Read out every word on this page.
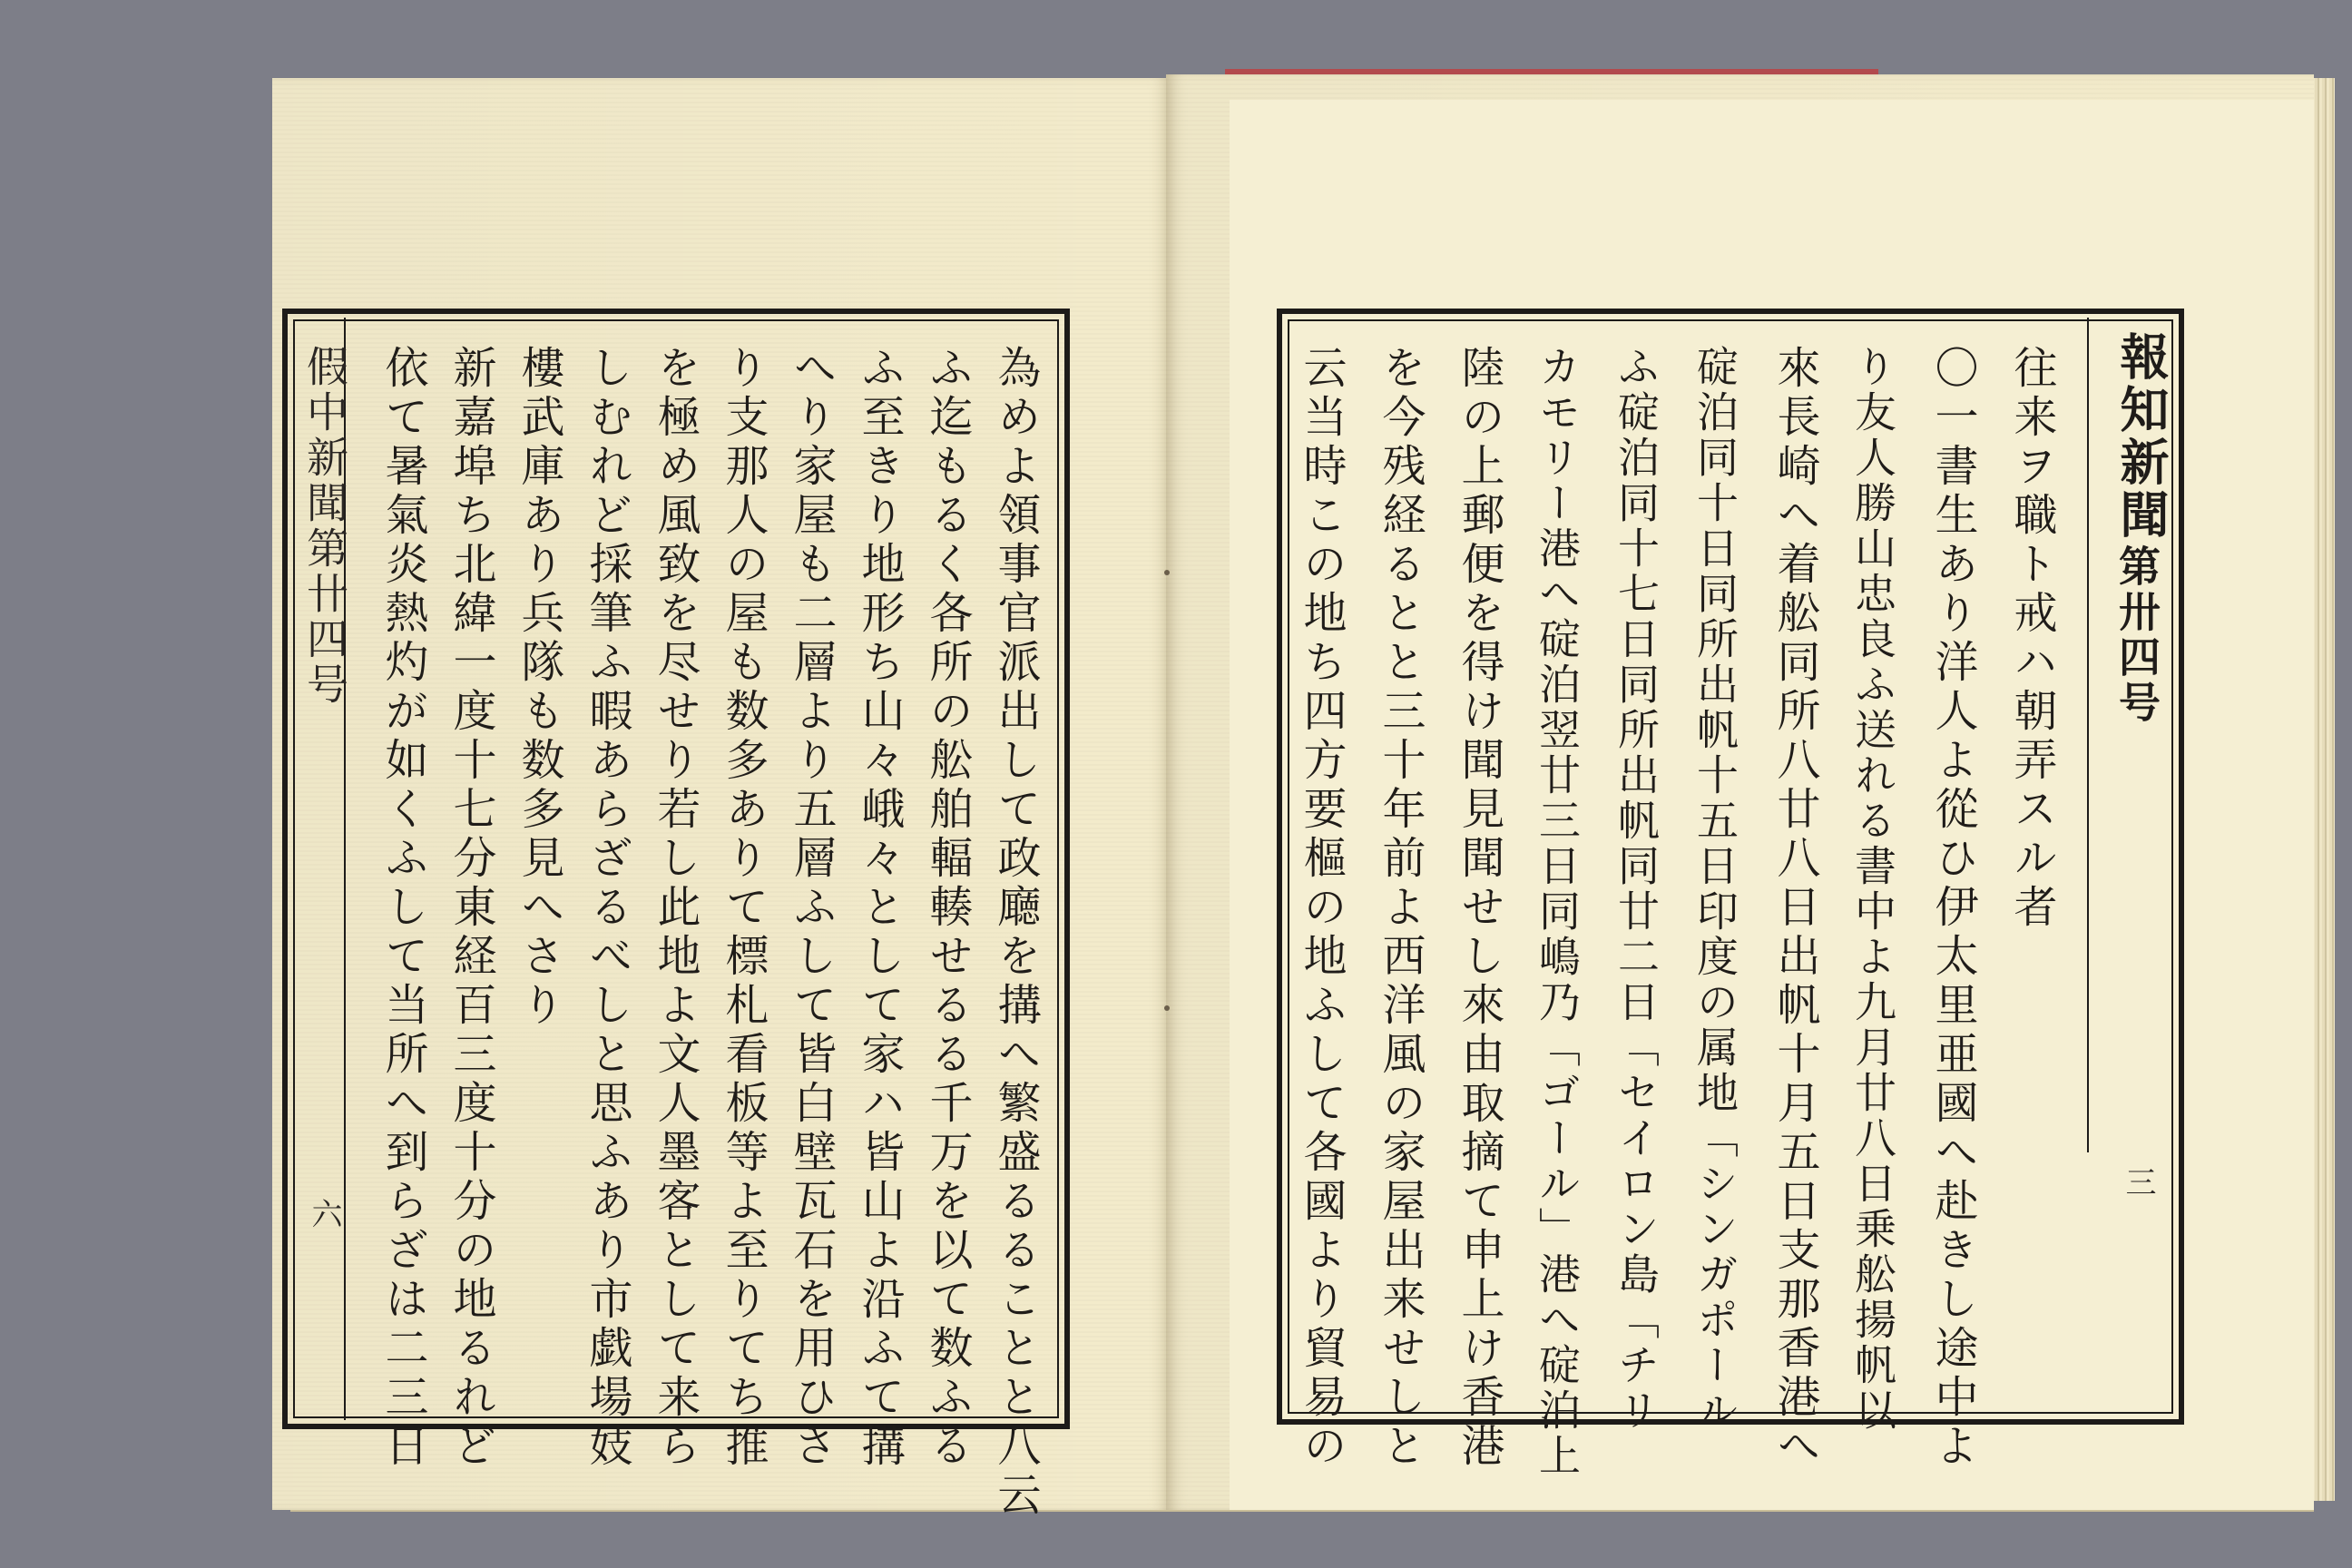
假中新聞第卄四号
六	為めよ領事官派出して政廰を搆へ繁盛るることと八云
ふ迄もるく各所の舩舶輻輳せるる千万を以て数ふる
ふ至きり地形ち山々峨々として家ハ皆山よ沿ふて搆
へり家屋も二層より五層ふして皆白壁瓦石を用ひさ
り支那人の屋も数多ありて標札看板等よ至りてち推
を極め風致を尽せり若し此地よ文人墨客として来ら
しむれど採筆ふ暇あらざるべしと思ふあり市戯場妓
樓武庫あり兵隊も数多見へさり
新嘉埠ち北緯一度十七分東経百三度十分の地るれど
依て暑氣炎熱灼が如くふして当所へ到らざは二三日	報知新聞
第卅四号
三
往来ヲ職ト戒ハ朝弄スル者
〇一書生あり洋人よ從ひ伊太里亜國へ赴きし途中よ
り友人勝山忠良ふ送れる書中よ九月廿八日乗舩揚帆以
來長崎へ着舩同所八廿八日出帆十月五日支那香港へ
碇泊同十日同所出帆十五日印度の属地「シンガポール
ふ碇泊同十七日同所出帆同廿二日「セイロン島「チリ
カモリー港へ碇泊翌廿三日同嶋乃「ゴール」港へ碇泊上
陸の上郵便を得け聞見聞せし來由取摘て申上け香港
を今残経るとと三十年前よ西洋風の家屋出来せしと
云当時この地ち四方要樞の地ふして各國より貿易の
